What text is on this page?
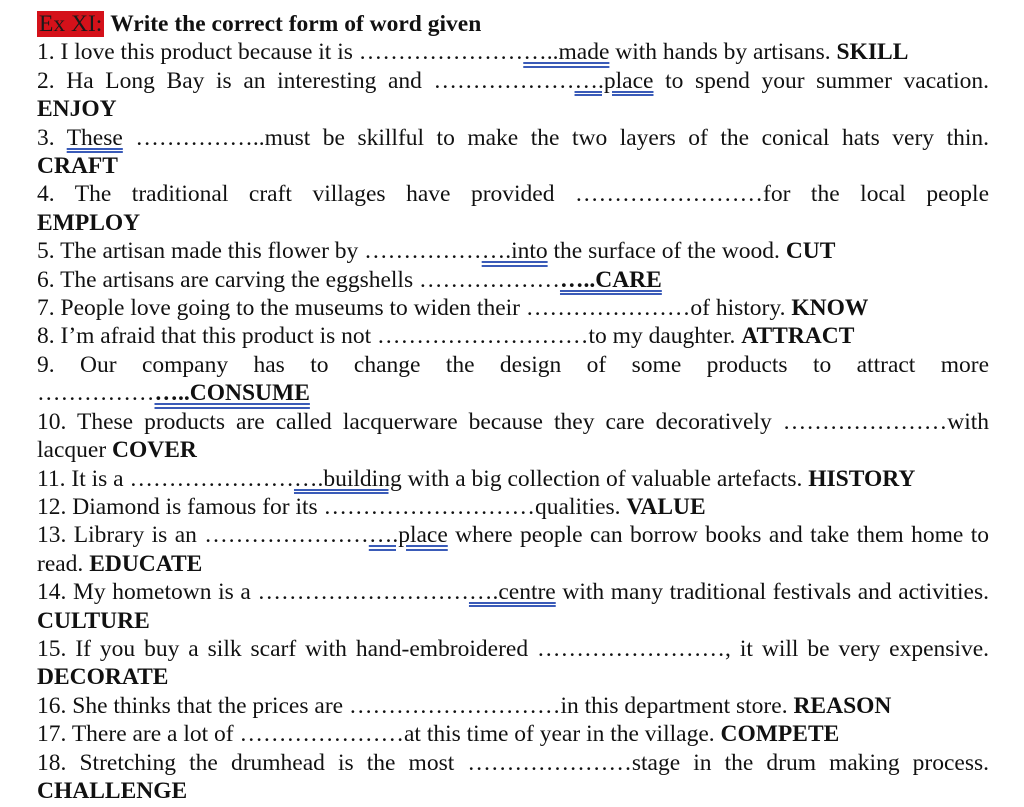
Ex XI: Write the correct form of word given

1. I love this product because it is ……………………..made with hands by artisans. SKILL

2. Ha Long Bay is an interesting and ………………….place to spend your summer vacation.

ENJOY

3. These ……………..must be skillful to make the two layers of the conical hats very thin.

CRAFT

4. The traditional craft villages have provided ……………………for the local people

EMPLOY

5. The artisan made this flower by ……………….into the surface of the wood. CUT

6. The artisans are carving the eggshells …………………..CARE

7. People love going to the museums to widen their …………………of history. KNOW

8. I’m afraid that this product is not ………………………to my daughter. ATTRACT

9. Our company has to change the design of some products to attract more ………………..CONSUME

10. These products are called lacquerware because they care decoratively …………………with lacquer COVER

11. It is a …………………….building with a big collection of valuable artefacts. HISTORY

12. Diamond is famous for its ………………………qualities. VALUE

13. Library is an …………………….place where people can borrow books and take them home to read. EDUCATE

14. My hometown is a ………………………….centre with many traditional festivals and activities. CULTURE

15. If you buy a silk scarf with hand-embroidered ……………………, it will be very expensive. DECORATE

16. She thinks that the prices are ………………………in this department store. REASON

17. There are a lot of …………………at this time of year in the village. COMPETE

18. Stretching the drumhead is the most …………………stage in the drum making process. CHALLENGE
